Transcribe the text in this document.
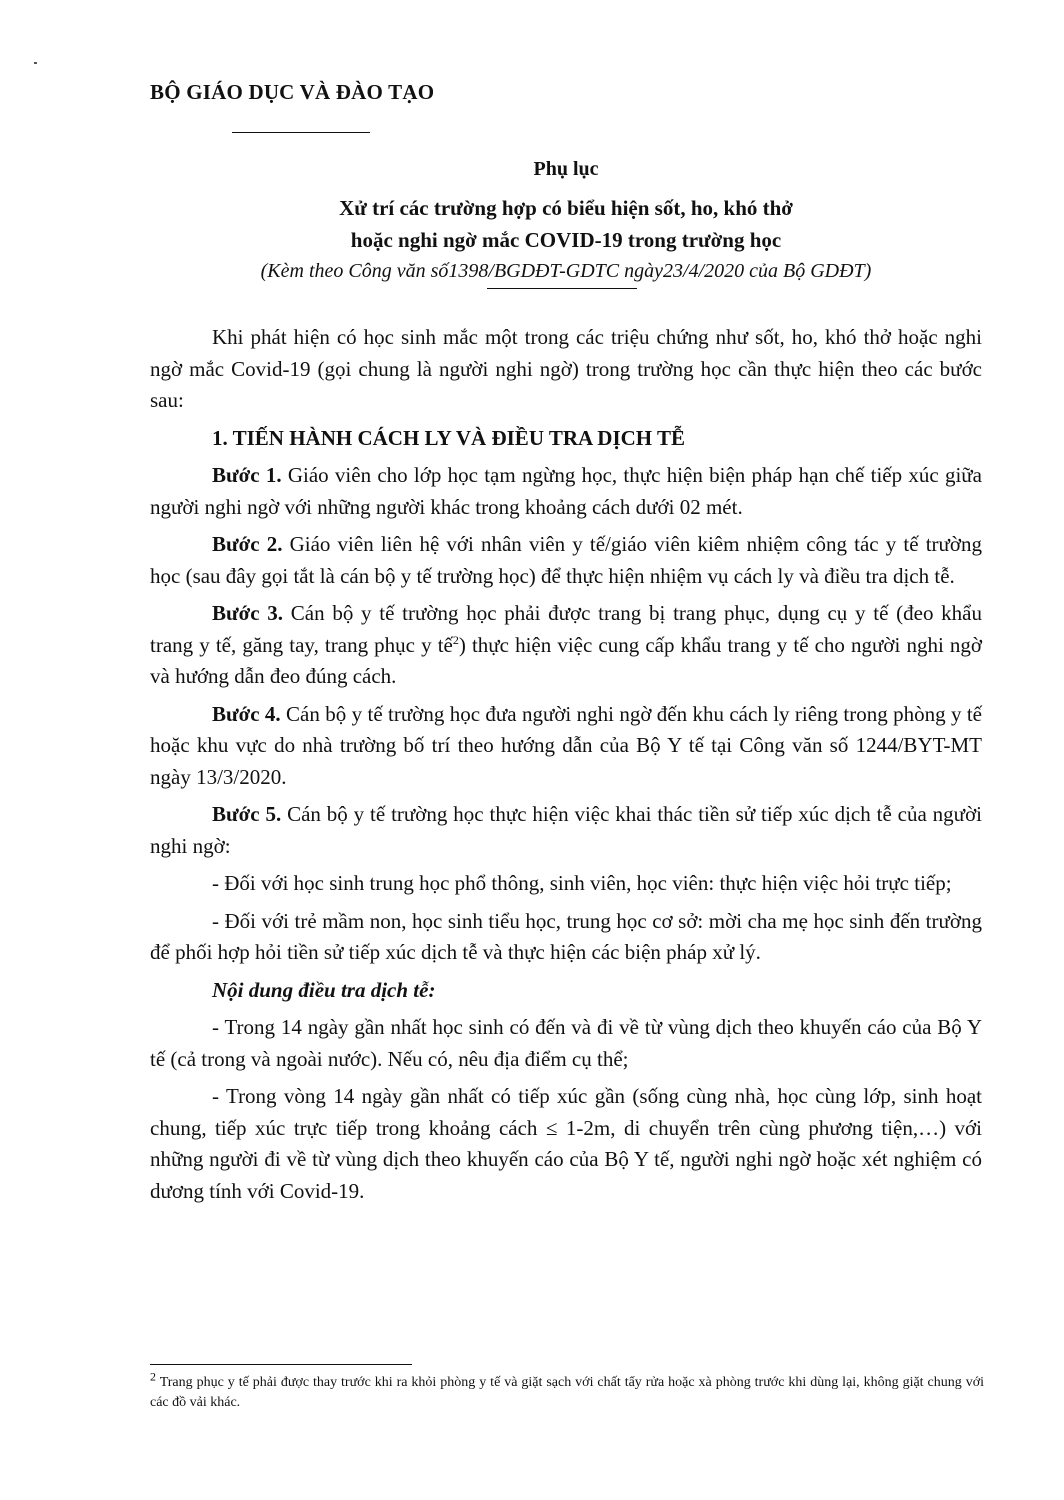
BỘ GIÁO DỤC VÀ ĐÀO TẠO
Phụ lục
Xử trí các trường hợp có biểu hiện sốt, ho, khó thở
hoặc nghi ngờ mắc COVID-19 trong trường học
(Kèm theo Công văn số1398/BGDĐT-GDTC ngày23/4/2020 của Bộ GDĐT)

Khi phát hiện có học sinh mắc một trong các triệu chứng như sốt, ho, khó thở hoặc nghi ngờ mắc Covid-19 (gọi chung là người nghi ngờ) trong trường học cần thực hiện theo các bước sau:

1. TIẾN HÀNH CÁCH LY VÀ ĐIỀU TRA DỊCH TỄ

Bước 1. Giáo viên cho lớp học tạm ngừng học, thực hiện biện pháp hạn chế tiếp xúc giữa người nghi ngờ với những người khác trong khoảng cách dưới 02 mét.

Bước 2. Giáo viên liên hệ với nhân viên y tế/giáo viên kiêm nhiệm công tác y tế trường học (sau đây gọi tắt là cán bộ y tế trường học) để thực hiện nhiệm vụ cách ly và điều tra dịch tễ.

Bước 3. Cán bộ y tế trường học phải được trang bị trang phục, dụng cụ y tế (đeo khẩu trang y tế, găng tay, trang phục y tế$^2$) thực hiện việc cung cấp khẩu trang y tế cho người nghi ngờ và hướng dẫn đeo đúng cách.

Bước 4. Cán bộ y tế trường học đưa người nghi ngờ đến khu cách ly riêng trong phòng y tế hoặc khu vực do nhà trường bố trí theo hướng dẫn của Bộ Y tế tại Công văn số 1244/BYT-MT ngày 13/3/2020.

Bước 5. Cán bộ y tế trường học thực hiện việc khai thác tiền sử tiếp xúc dịch tễ của người nghi ngờ:

- Đối với học sinh trung học phổ thông, sinh viên, học viên: thực hiện việc hỏi trực tiếp;

- Đối với trẻ mầm non, học sinh tiểu học, trung học cơ sở: mời cha mẹ học sinh đến trường để phối hợp hỏi tiền sử tiếp xúc dịch tễ và thực hiện các biện pháp xử lý.

Nội dung điều tra dịch tễ:

- Trong 14 ngày gần nhất học sinh có đến và đi về từ vùng dịch theo khuyến cáo của Bộ Y tế (cả trong và ngoài nước). Nếu có, nêu địa điểm cụ thể;

- Trong vòng 14 ngày gần nhất có tiếp xúc gần (sống cùng nhà, học cùng lớp, sinh hoạt chung, tiếp xúc trực tiếp trong khoảng cách ≤ 1-2m, di chuyển trên cùng phương tiện,…) với những người đi về từ vùng dịch theo khuyến cáo của Bộ Y tế, người nghi ngờ hoặc xét nghiệm có dương tính với Covid-19.

$^2$ Trang phục y tế phải được thay trước khi ra khỏi phòng y tế và giặt sạch với chất tẩy rửa hoặc xà phòng trước khi dùng lại, không giặt chung với các đồ vải khác.
